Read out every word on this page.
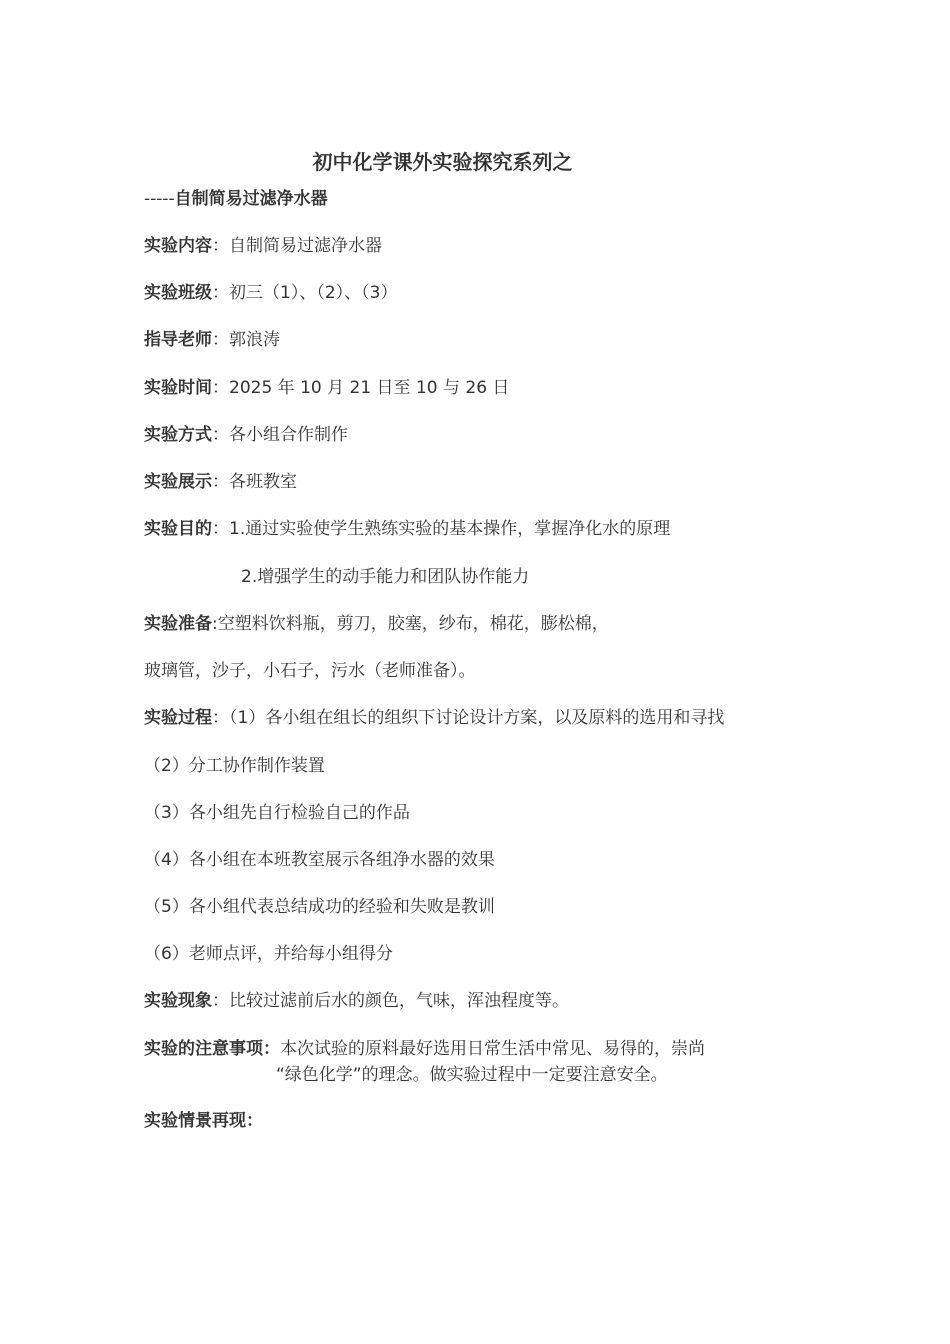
初中化学课外实验探究系列之
-----自制简易过滤净水器
实验内容：自制简易过滤净水器
实验班级：初三（1）、（2）、（3）
指导老师：郭浪涛
实验时间：2025 年 10 月 21 日至 10 与 26 日
实验方式：各小组合作制作
实验展示：各班教室
实验目的：1.通过实验使学生熟练实验的基本操作，掌握净化水的原理
2.增强学生的动手能力和团队协作能力
实验准备:空塑料饮料瓶，剪刀，胶塞，纱布，棉花，膨松棉，
玻璃管，沙子，小石子，污水（老师准备）。
实验过程：（1）各小组在组长的组织下讨论设计方案，以及原料的选用和寻找
（2）分工协作制作装置
（3）各小组先自行检验自己的作品
（4）各小组在本班教室展示各组净水器的效果
（5）各小组代表总结成功的经验和失败是教训
（6）老师点评，并给每小组得分
实验现象：比较过滤前后水的颜色，气味，浑浊程度等。
实验的注意事项：本次试验的原料最好选用日常生活中常见、易得的，崇尚
“绿色化学”的理念。做实验过程中一定要注意安全。
实验情景再现：
